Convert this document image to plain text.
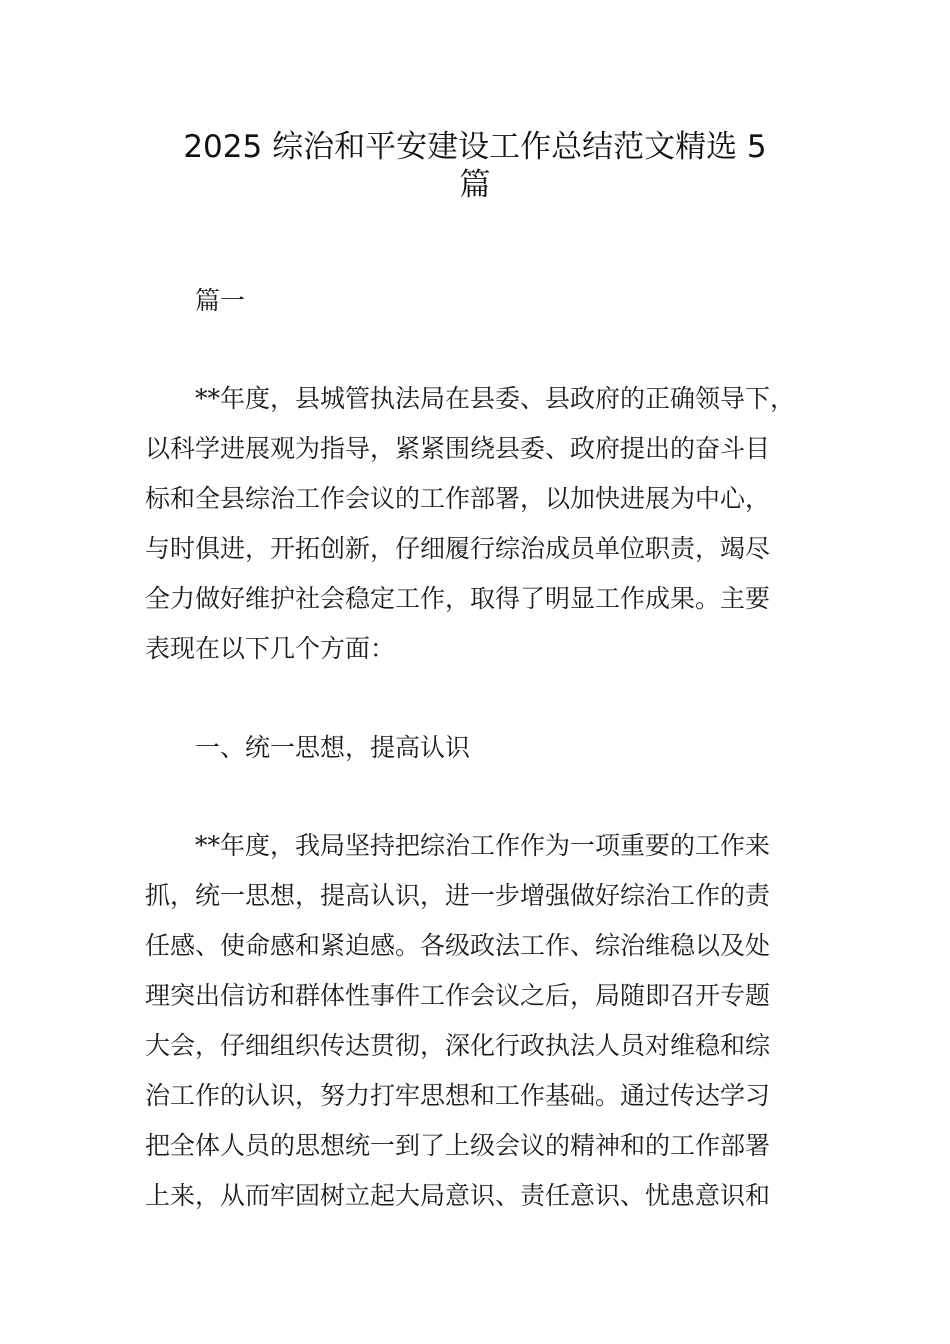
2025 综治和平安建设工作总结范文精选 5
篇
篇一
**年度，县城管执法局在县委、县政府的正确领导下，
以科学进展观为指导，紧紧围绕县委、政府提出的奋斗目
标和全县综治工作会议的工作部署，以加快进展为中心，
与时俱进，开拓创新，仔细履行综治成员单位职责，竭尽
全力做好维护社会稳定工作，取得了明显工作成果。主要
表现在以下几个方面：
一、统一思想，提高认识
**年度，我局坚持把综治工作作为一项重要的工作来
抓，统一思想，提高认识，进一步增强做好综治工作的责
任感、使命感和紧迫感。各级政法工作、综治维稳以及处
理突出信访和群体性事件工作会议之后，局随即召开专题
大会，仔细组织传达贯彻，深化行政执法人员对维稳和综
治工作的认识，努力打牢思想和工作基础。通过传达学习
把全体人员的思想统一到了上级会议的精神和的工作部署
上来，从而牢固树立起大局意识、责任意识、忧患意识和
